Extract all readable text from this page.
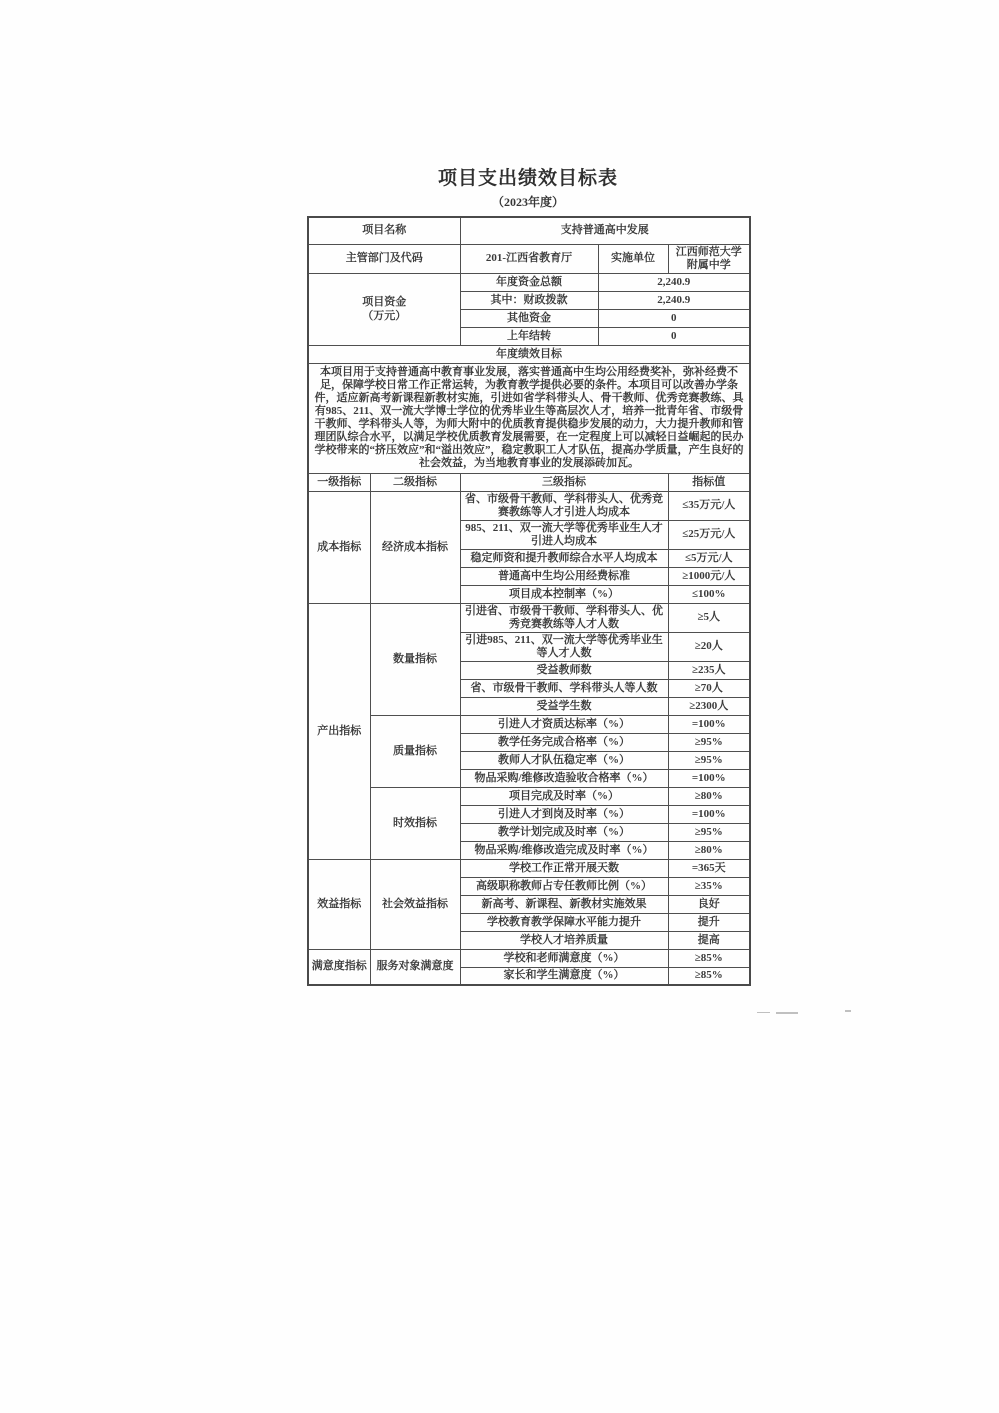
项目支出绩效目标表
（2023年度）
项目名称		支持普通高中发展		
主管部门及代码		201-江西省教育厅	实施单位	江西师范大学附属中学

项目资金
（万元）		年度资金总额	2,240.9	
		其中：财政拨款	2,240.9	
		其他资金	0	
		上年结转	0	
年度绩效目标				
本项目用于支持普通高中教育事业发展，落实普通高中生均公用经费奖补，弥补经费不足，保障学校日常工作正常运转，为教育教学提供必要的条件。本项目可以改善办学条件，适应新高考新课程新教材实施，引进如省学科带头人、骨干教师、优秀竞赛教练、具有985、211、双一流大学博士学位的优秀毕业生等高层次人才，培养一批青年省、市级骨干教师、学科带头人等，为师大附中的优质教育提供稳步发展的动力，大力提升教师和管理团队综合水平，以满足学校优质教育发展需要，在一定程度上可以减轻日益崛起的民办学校带来的“挤压效应”和“溢出效应”，稳定教职工人才队伍，提高办学质量，产生良好的社会效益，为当地教育事业的发展添砖加瓦。				
一级指标	二级指标	三级指标		指标值
成本指标	经济成本指标	省、市级骨干教师、学科带头人、优秀竞赛教练等人才引进人均成本		≤35万元/人
		985、211、双一流大学等优秀毕业生人才引进人均成本		≤25万元/人
		稳定师资和提升教师综合水平人均成本		≤5万元/人
		普通高中生均公用经费标准		≥1000元/人
		项目成本控制率（%）		≤100%
产出指标	数量指标	引进省、市级骨干教师、学科带头人、优秀竞赛教练等人才人数		≥5人
		引进985、211、双一流大学等优秀毕业生等人才人数		≥20人
		受益教师数		≥235人
		省、市级骨干教师、学科带头人等人数		≥70人
		受益学生数		≥2300人
	质量指标	引进人才资质达标率（%）		=100%
		教学任务完成合格率（%）		≥95%
		教师人才队伍稳定率（%）		≥95%
		物品采购/维修改造验收合格率（%）		=100%
	时效指标	项目完成及时率（%）		≥80%
		引进人才到岗及时率（%）		=100%
		教学计划完成及时率（%）		≥95%
		物品采购/维修改造完成及时率（%）		≥80%
效益指标	社会效益指标	学校工作正常开展天数		=365天
		高级职称教师占专任教师比例（%）		≥35%
		新高考、新课程、新教材实施效果		良好
		学校教育教学保障水平能力提升		提升
		学校人才培养质量		提高
满意度指标	服务对象满意度	学校和老师满意度（%）		≥85%
		家长和学生满意度（%）		≥85%
